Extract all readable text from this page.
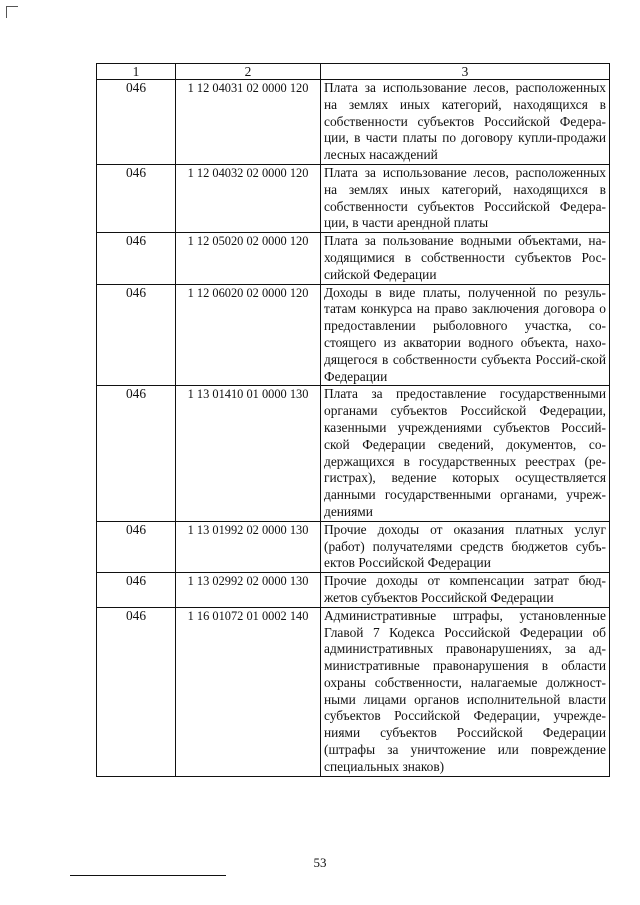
1	2	3
046	1 12 04031 02 0000 120	Плата за использование лесов, расположенных на землях иных категорий, находящихся в собственности субъектов Российской Федера-ции, в части платы по договору купли-продажи лесных насаждений
046	1 12 04032 02 0000 120	Плата за использование лесов, расположенных на землях иных категорий, находящихся в собственности субъектов Российской Федера-ции, в части арендной платы
046	1 12 05020 02 0000 120	Плата за пользование водными объектами, на-ходящимися в собственности субъектов Рос-сийской Федерации
046	1 12 06020 02 0000 120	Доходы в виде платы, полученной по резуль-татам конкурса на право заключения договора о предоставлении рыболовного участка, со-стоящего из акватории водного объекта, нахо-дящегося в собственности субъекта Россий-ской Федерации
046	1 13 01410 01 0000 130	Плата за предоставление государственными органами субъектов Российской Федерации, казенными учреждениями субъектов Россий-ской Федерации сведений, документов, со-держащихся в государственных реестрах (ре-гистрах), ведение которых осуществляется данными государственными органами, учреж-дениями
046	1 13 01992 02 0000 130	Прочие доходы от оказания платных услуг (работ) получателями средств бюджетов субъ-ектов Российской Федерации
046	1 13 02992 02 0000 130	Прочие доходы от компенсации затрат бюд-жетов субъектов Российской Федерации
046	1 16 01072 01 0002 140	Административные штрафы, установленные Главой 7 Кодекса Российской Федерации об административных правонарушениях, за ад-министративные правонарушения в области охраны собственности, налагаемые должност-ными лицами органов исполнительной власти субъектов Российской Федерации, учрежде-ниями субъектов Российской Федерации (штрафы за уничтожение или повреждение специальных знаков)
53
